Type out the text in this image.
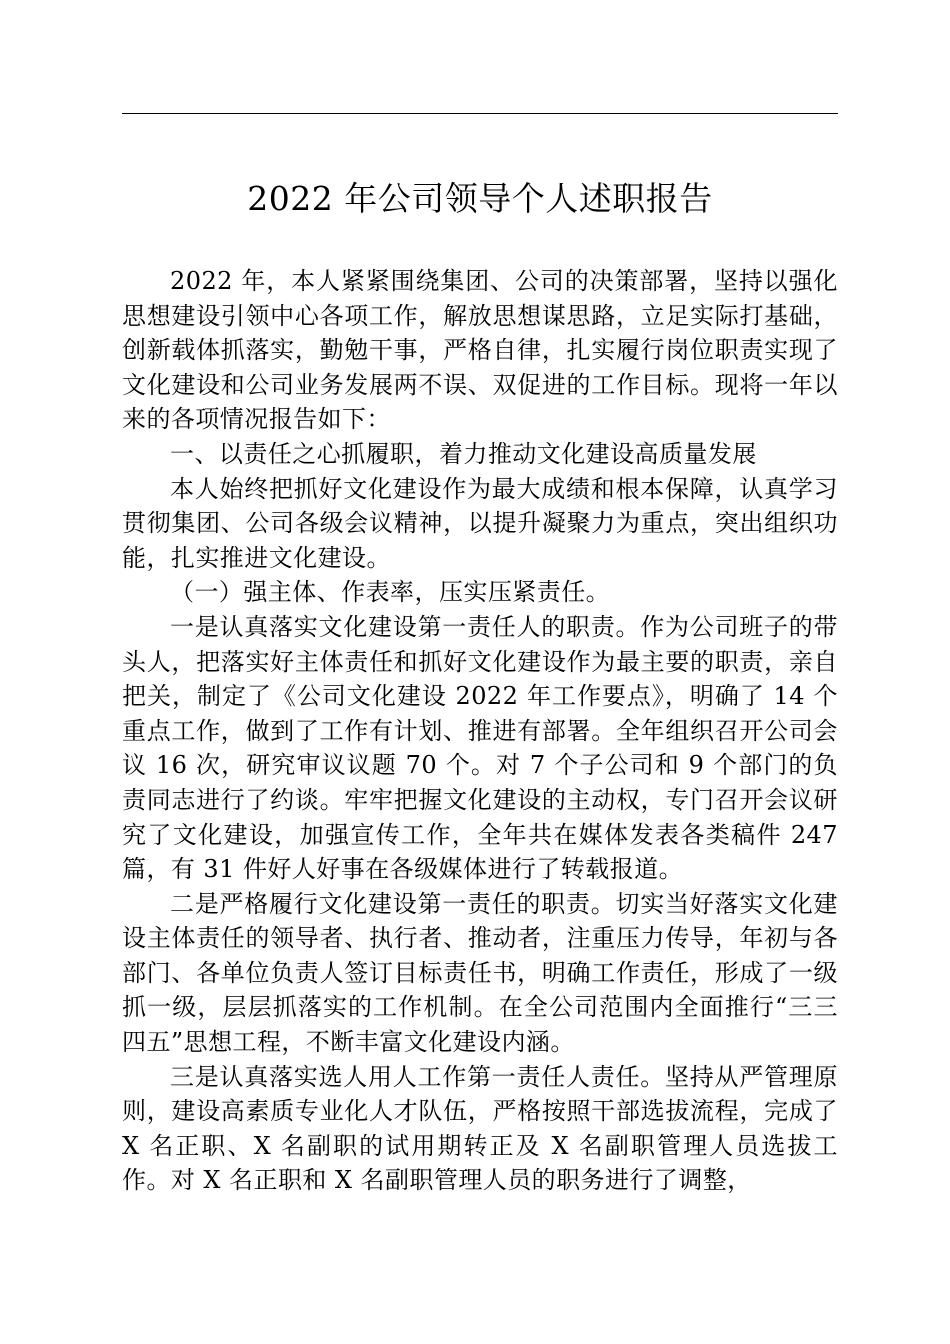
2022 年公司领导个人述职报告

2022 年，本人紧紧围绕集团、公司的决策部署，坚持以强化思想建设引领中心各项工作，解放思想谋思路，立足实际打基础，创新载体抓落实，勤勉干事，严格自律，扎实履行岗位职责实现了文化建设和公司业务发展两不误、双促进的工作目标。现将一年以来的各项情况报告如下：

一、以责任之心抓履职，着力推动文化建设高质量发展

本人始终把抓好文化建设作为最大成绩和根本保障，认真学习贯彻集团、公司各级会议精神，以提升凝聚力为重点，突出组织功能，扎实推进文化建设。

（一）强主体、作表率，压实压紧责任。

一是认真落实文化建设第一责任人的职责。作为公司班子的带头人，把落实好主体责任和抓好文化建设作为最主要的职责，亲自把关，制定了《公司文化建设 2022 年工作要点》，明确了 14 个重点工作，做到了工作有计划、推进有部署。全年组织召开公司会议 16 次，研究审议议题 70 个。对 7 个子公司和 9 个部门的负责同志进行了约谈。牢牢把握文化建设的主动权，专门召开会议研究了文化建设，加强宣传工作，全年共在媒体发表各类稿件 247 篇，有 31 件好人好事在各级媒体进行了转载报道。

二是严格履行文化建设第一责任的职责。切实当好落实文化建设主体责任的领导者、执行者、推动者，注重压力传导，年初与各部门、各单位负责人签订目标责任书，明确工作责任，形成了一级抓一级，层层抓落实的工作机制。在全公司范围内全面推行“三三四五”思想工程，不断丰富文化建设内涵。

三是认真落实选人用人工作第一责任人责任。坚持从严管理原则，建设高素质专业化人才队伍，严格按照干部选拔流程，完成了 X 名正职、X 名副职的试用期转正及 X 名副职管理人员选拔工作。对 X 名正职和 X 名副职管理人员的职务进行了调整，
